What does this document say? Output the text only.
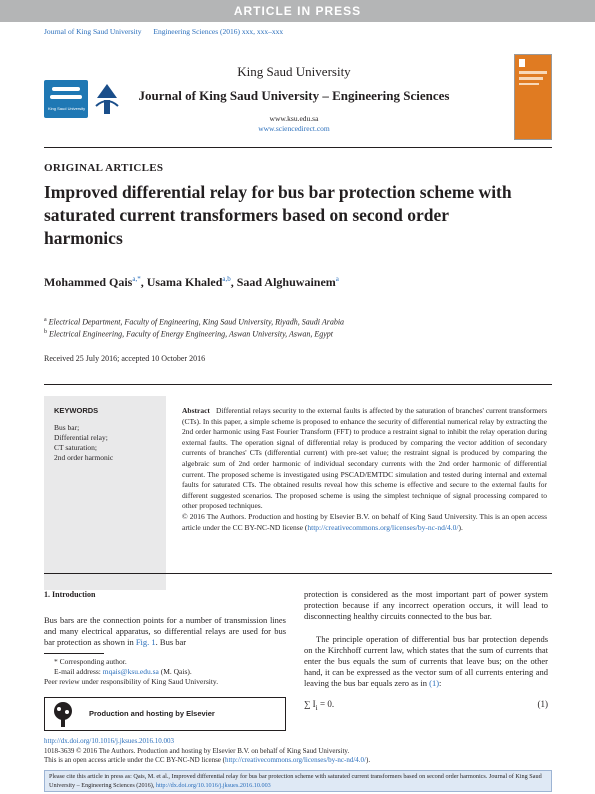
ARTICLE IN PRESS
Journal of King Saud University Engineering Sciences (2016) xxx, xxx–xxx
King Saud University
King Saud University
Journal of King Saud University – Engineering Sciences
www.ksu.edu.sa
www.sciencedirect.com
ORIGINAL ARTICLES
Improved differential relay for bus bar protection scheme with saturated current transformers based on second order harmonics
Mohammed Qais$^{a,*}$, Usama Khaled$^{a,b}$, Saad Alghuwainem$^a$
$^a$ Electrical Department, Faculty of Engineering, King Saud University, Riyadh, Saudi Arabia
$^b$ Electrical Engineering, Faculty of Energy Engineering, Aswan University, Aswan, Egypt
Received 25 July 2016; accepted 10 October 2016
KEYWORDS
Bus bar;
Differential relay;
CT saturation;
2nd order harmonic
Abstract Differential relays security to the external faults is affected by the saturation of branches' current transformers (CTs). In this paper, a simple scheme is proposed to enhance the security of differential numerical relay by extracting the 2nd order harmonic using Fast Fourier Transform (FFT) to produce a restraint signal to inhibit the relay operation during external faults. The operation signal of differential relay is produced by comparing the vector addition of secondary currents of branches' CTs (differential current) with pre-set value; the restraint signal is produced by comparing the algebraic sum of 2nd order harmonic of individual secondary currents with the 2nd order harmonic of differential current. The proposed scheme is investigated using PSCAD/EMTDC simulation and tested during internal and external faults for saturated CTs. The obtained results reveal how this scheme is effective and secure to the external faults for different suggested scenarios. The proposed scheme is using the simplest technique of signal processing compared to other proposed techniques.
© 2016 The Authors. Production and hosting by Elsevier B.V. on behalf of King Saud University. This is an open access article under the CC BY-NC-ND license (http://creativecommons.org/licenses/by-nc-nd/4.0/).
1. Introduction
Bus bars are the connection points for a number of transmission lines and many electrical apparatus, so differential relays are used for bus bar protection as shown in Fig. 1. Bus bar
protection is considered as the most important part of power system protection because if any incorrect operation occurs, it will lead to disconnecting healthy circuits connected to the bus bar.
The principle operation of differential bus bar protection depends on the Kirchhoff current law, which states that the sum of currents that enter the bus equals the sum of currents that leave bus; on the other hand, it can be expressed as the vector sum of all currents entering and leaving the bus bar equals zero as in (1):
∑ $I_i = 0$.	(1)
* Corresponding author.
E-mail address: mqais@ksu.edu.sa (M. Qais).
Peer review under responsibility of King Saud University.
Production and hosting by Elsevier
http://dx.doi.org/10.1016/j.jksues.2016.10.003
1018-3639 © 2016 The Authors. Production and hosting by Elsevier B.V. on behalf of King Saud University.
This is an open access article under the CC BY-NC-ND license (http://creativecommons.org/licenses/by-nc-nd/4.0/).
Please cite this article in press as: Qais, M. et al., Improved differential relay for bus bar protection scheme with saturated current transformers based on second order harmonics. Journal of King Saud University – Engineering Sciences (2016), http://dx.doi.org/10.1016/j.jksues.2016.10.003
